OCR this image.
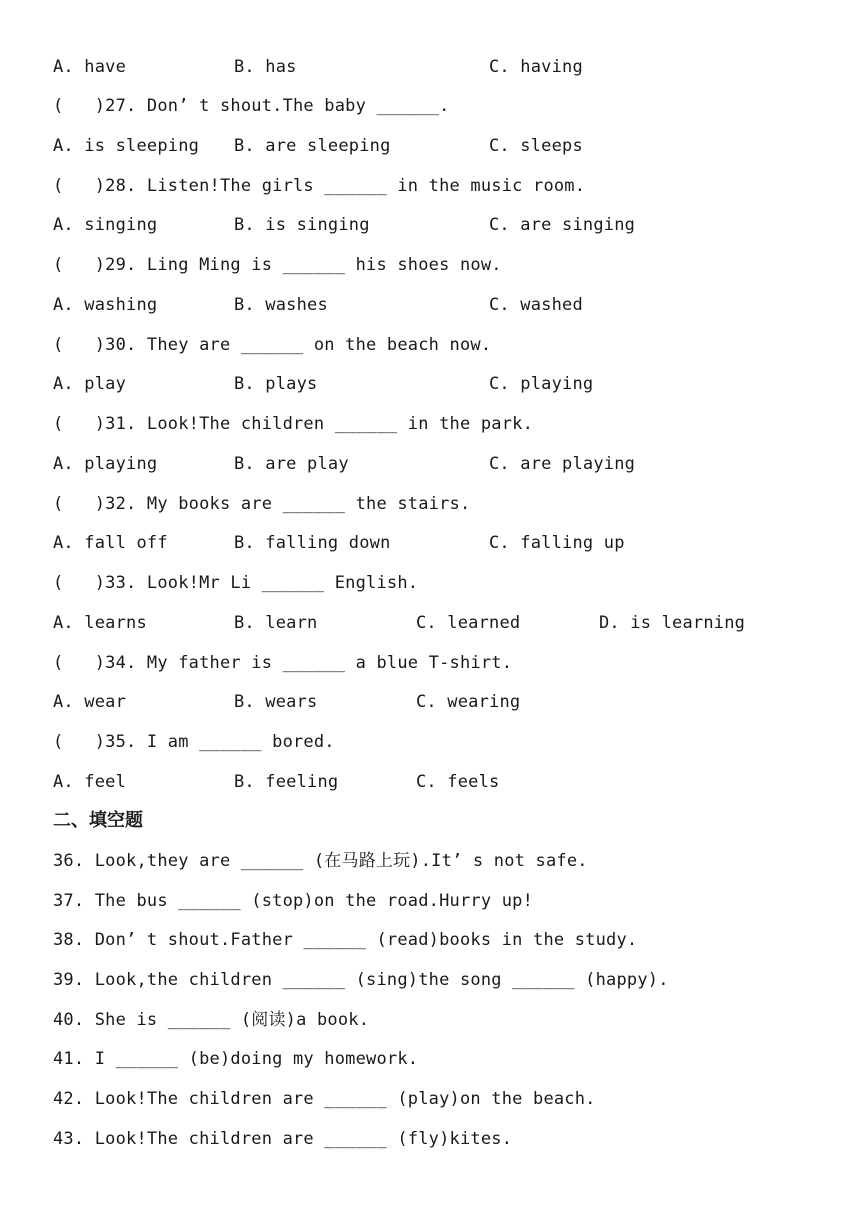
A. have

	B. has

	C. having

(   )27. Don’ t shout.The baby ______.

A. is sleeping

B. are sleeping

	C. sleeps

(   )28. Listen!The girls ______ in the music room.

A. singing

	B. is singing

	C. are singing

(   )29. Ling Ming is ______ his shoes now.

A. washing

	B. washes

	C. washed

(   )30. They are ______ on the beach now.

A. play

	B. plays

	C. playing

(   )31. Look!The children ______ in the park.

A. playing

	B. are play

	C. are playing

(   )32. My books are ______ the stairs.

A. fall off

	B. falling down

	C. falling up

(   )33. Look!Mr Li ______ English.

A. learns

	B. learn

	C. learned

	D. is learning

(   )34. My father is ______ a blue T-shirt.

A. wear

	B. wears

	C. wearing

(   )35. I am ______ bored.

A. feel

	B. feeling

	C. feels

二、填空题
36. Look,they are ______ (在马路上玩).It’ s not safe.
37. The bus ______ (stop)on the road.Hurry up!
38. Don’ t shout.Father ______ (read)books in the study.
39. Look,the children ______ (sing)the song ______ (happy).
40. She is ______ (阅读)a book.
41. I ______ (be)doing my homework.
42. Look!The children are ______ (play)on the beach.
43. Look!The children are ______ (fly)kites.
